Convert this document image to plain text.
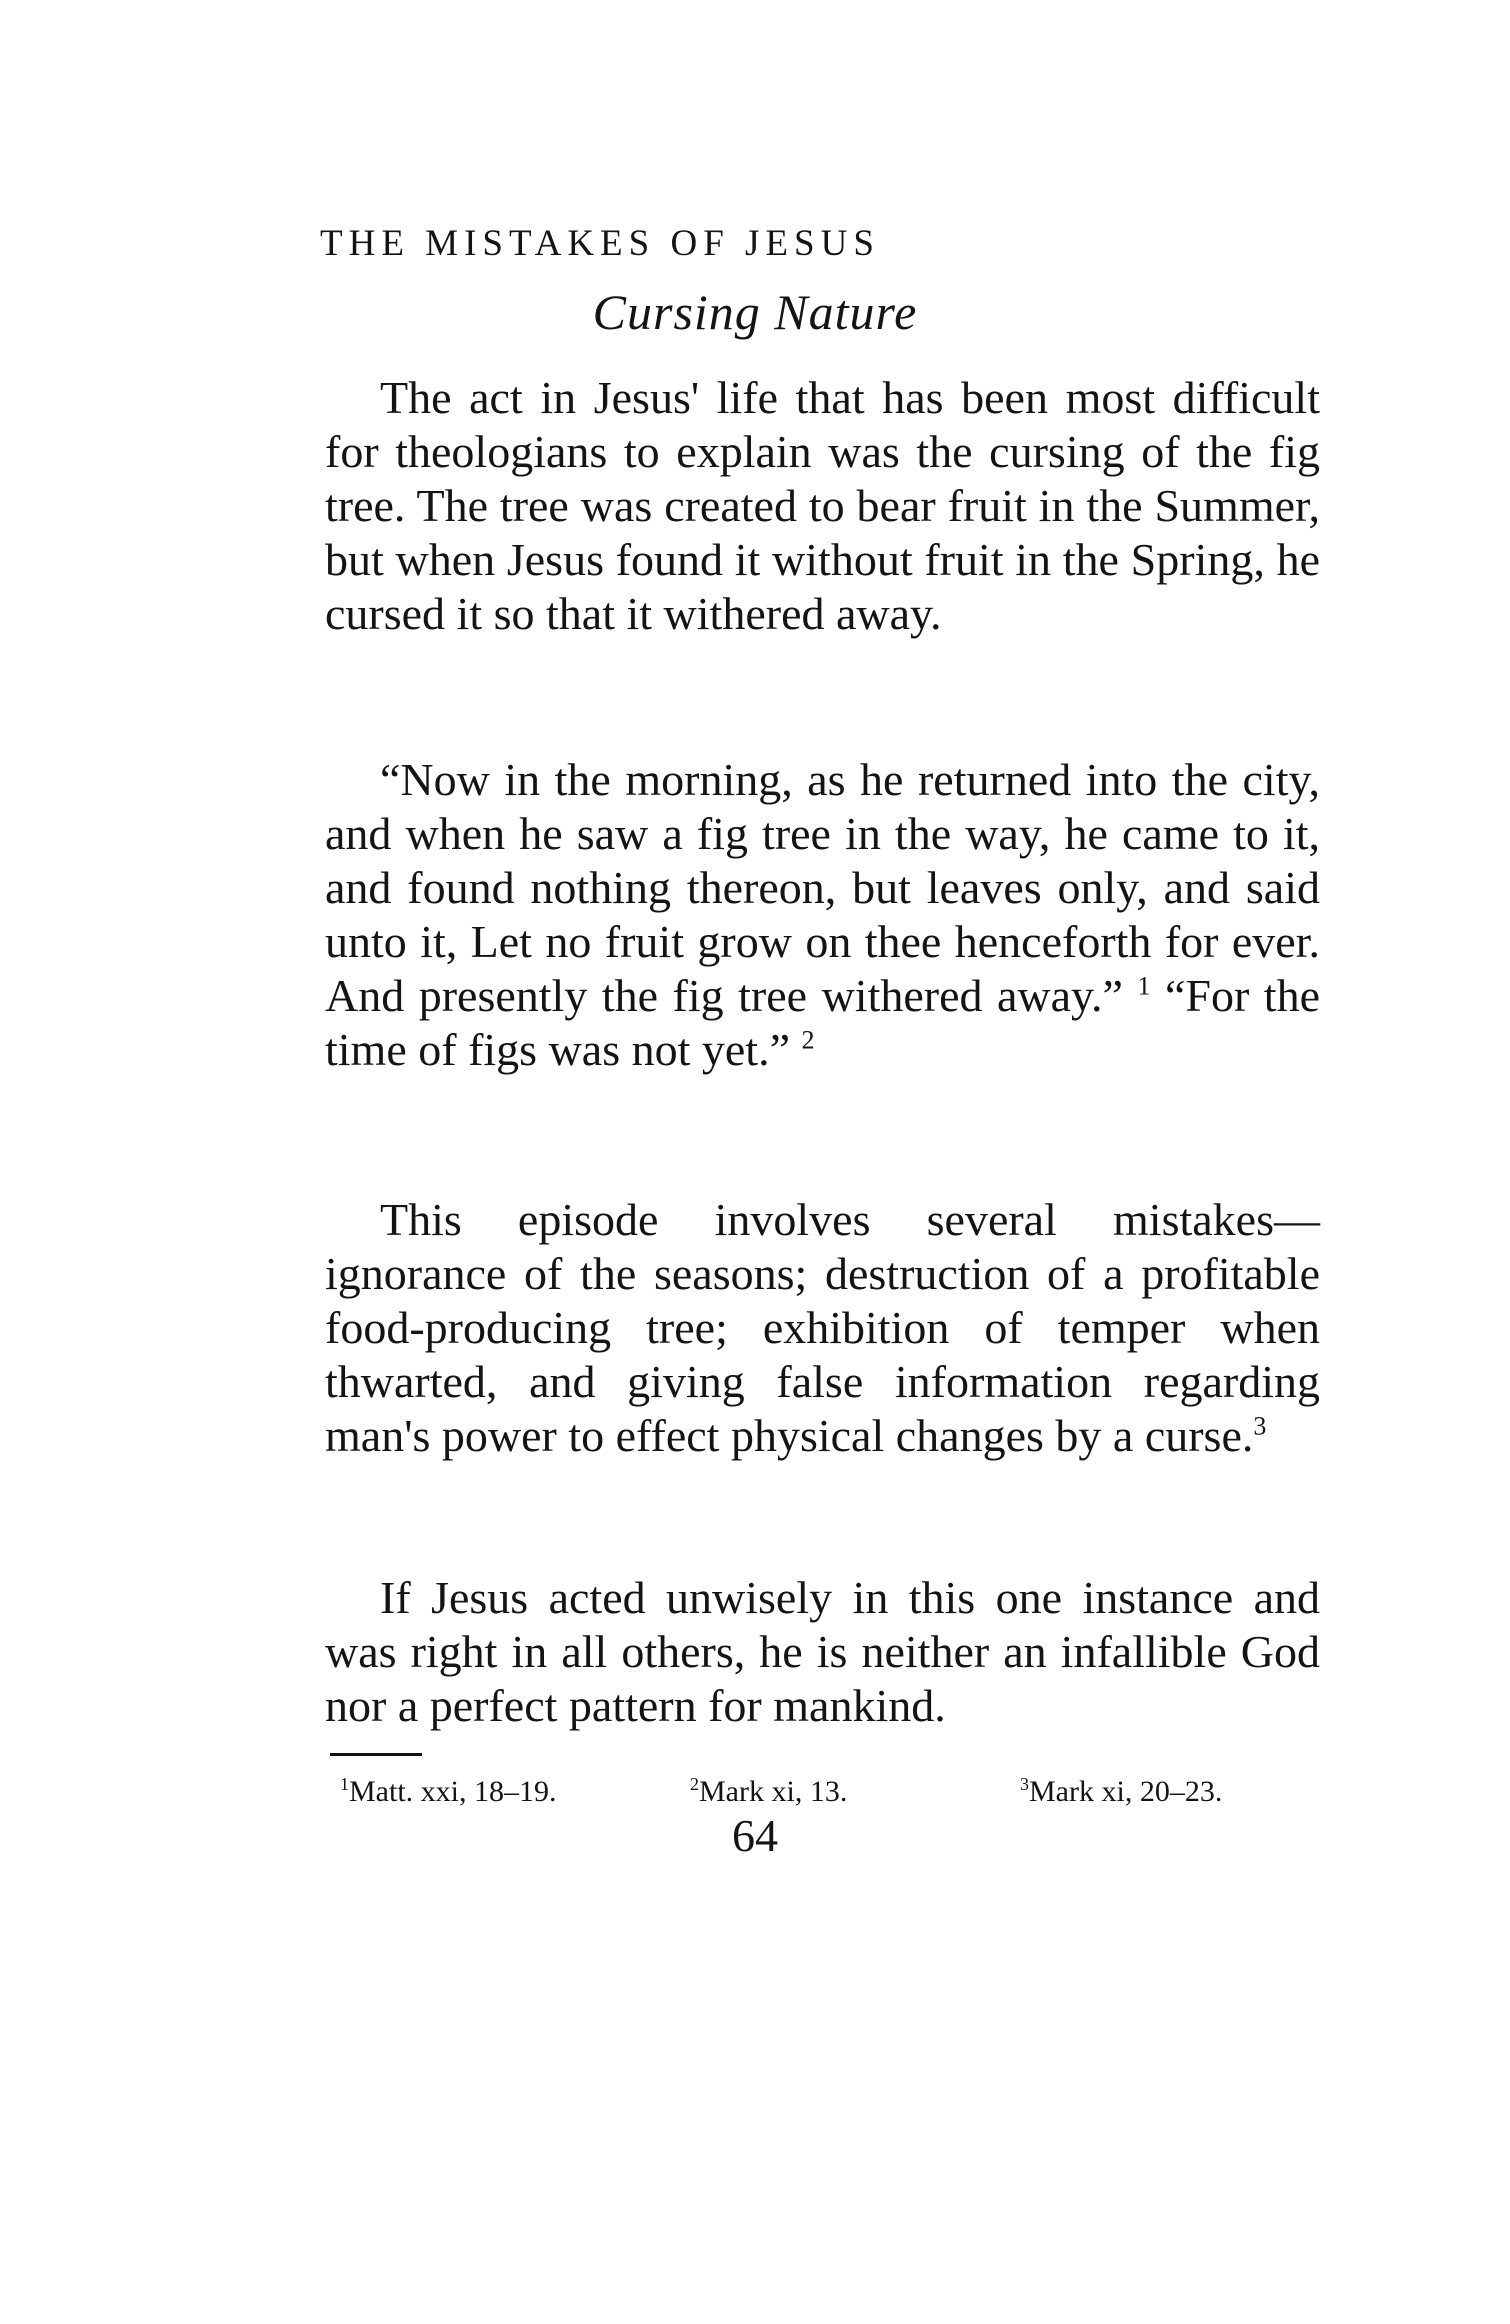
THE MISTAKES OF JESUS
Cursing Nature

The act in Jesus' life that has been most difficult for theologians to explain was the cursing of the fig tree. The tree was created to bear fruit in the Summer, but when Jesus found it without fruit in the Spring, he cursed it so that it withered away.

“Now in the morning, as he returned into the city, and when he saw a fig tree in the way, he came to it, and found nothing thereon, but leaves only, and said unto it, Let no fruit grow on thee henceforth for ever. And presently the fig tree withered away.” $^1$ “For the time of figs was not yet.” $^2$

This episode involves several mistakes—ignorance of the seasons; destruction of a profitable food-producing tree; exhibition of temper when thwarted, and giving false information regarding man's power to effect physical changes by a curse.$^3$

If Jesus acted unwisely in this one instance and was right in all others, he is neither an infallible God nor a perfect pattern for mankind.

$^1$Matt. xxi, 18–19.	$^2$Mark xi, 13.	$^3$Mark xi, 20–23.
64
